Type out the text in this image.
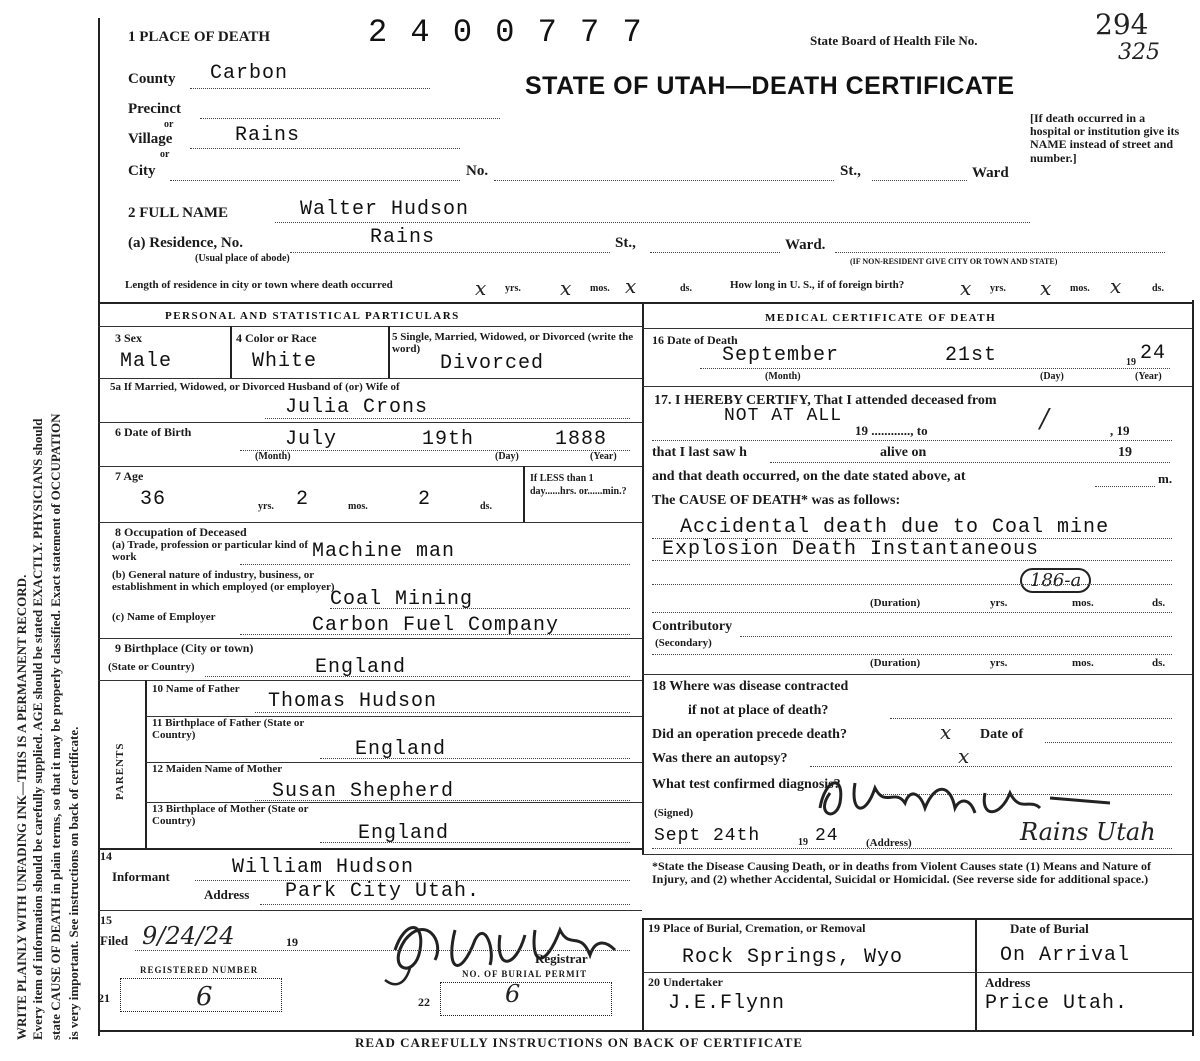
WRITE PLAINLY WITH UNFADING INK—THIS IS A PERMANENT RECORD. Every item of information should be carefully supplied. AGE should be stated EXACTLY. PHYSICIANS should state CAUSE OF DEATH in plain terms, so that it may be properly classified. Exact statement of OCCUPATION is very important. See instructions on back of certificate.
1 PLACE OF DEATH	2 4 0 0 7 7 7	State Board of Health File No.	294
325
STATE OF UTAH—DEATH CERTIFICATE
[If death occurred in a hospital or institution give its NAME instead of street and number.]
County Carbon
Precinct
or
Village	Rains
or
City	No.	St.,	Ward
2 FULL NAME	Walter Hudson
(a) Residence, No.	Rains	St.,	Ward.
(Usual place of abode)	(IF NON-RESIDENT GIVE CITY OR TOWN AND STATE)
Length of residence in city or town where death occurred	x yrs. x mos. x	ds.	How long in U. S., if of foreign birth?	x yrs. x mos. x	ds.
PERSONAL AND STATISTICAL PARTICULARS	MEDICAL CERTIFICATE OF DEATH
3 Sex
Male
4 Color or Race
White
5 Single, Married, Widowed, or Divorced (write the word)
Divorced
5a If Married, Widowed, or Divorced Husband of (or) Wife of
Julia Crons
6 Date of Birth	July	19th	1888
(Month)	(Day)	(Year)
7 Age
36	yrs. 2	mos.	2	ds.
If LESS than 1 day......hrs. or......min.?
8 Occupation of Deceased
(a) Trade, profession or particular kind of work	Machine man
(b) General nature of industry, business, or establishment in which employed (or employer)
Coal Mining
(c) Name of Employer	Carbon Fuel Company
9 Birthplace (City or town)
(State or Country)	England
PARENTS
10 Name of Father
Thomas Hudson
11 Birthplace of Father (State or Country)
England
12 Maiden Name of Mother
Susan Shepherd
13 Birthplace of Mother (State or Country)
England
14
Informant	William Hudson
Address Park City Utah.
15
Filed 9/24/24	19
Registrar
REGISTERED NUMBER
21	6
NO. OF BURIAL PERMIT
22	6
16 Date of Death
September	21st	19 24
(Month)	(Day)	(Year)
17. I HEREBY CERTIFY, That I attended deceased from
NOT AT ALL
19 ............, to	, 19
/
that I last saw h	alive on	19
and that death occurred, on the date stated above, at	m.
The CAUSE OF DEATH* was as follows:
Accidental death due to Coal mine
Explosion Death Instantaneous
186-a
(Duration)	yrs.	mos.	ds.
Contributory
(Secondary)
(Duration)	yrs.	mos.	ds.
18 Where was disease contracted
if not at place of death?
Did an operation precede death?	x Date of
Was there an autopsy?	x
What test confirmed diagnosis?
(Signed)
Sept 24th	19 24 (Address)	Rains Utah
*State the Disease Causing Death, or in deaths from Violent Causes state (1) Means and Nature of Injury, and (2) whether Accidental, Suicidal or Homicidal. (See reverse side for additional space.)
19 Place of Burial, Cremation, or Removal
Rock Springs, Wyo
Date of Burial
On Arrival
20 Undertaker
J.E.Flynn
Address
Price Utah.
READ CAREFULLY INSTRUCTIONS ON BACK OF CERTIFICATE
